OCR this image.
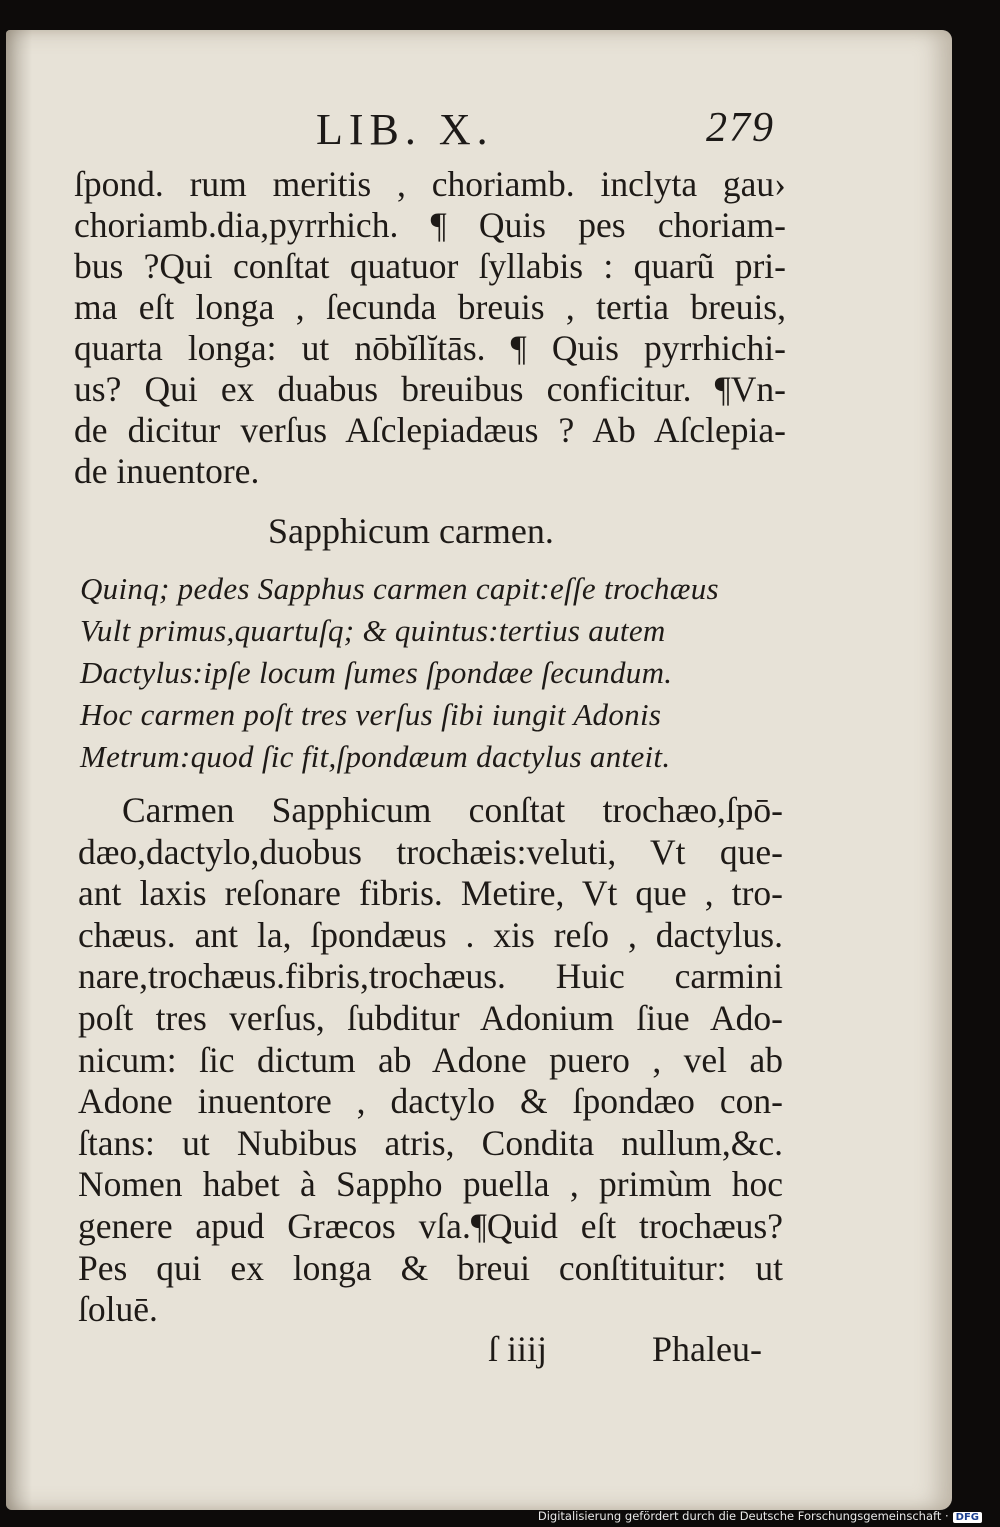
LIB. X.	279
ſpond. rum meritis , choriamb. inclyta gau›
choriamb.dia,pyrrhich. ¶ Quis pes choriam-
bus ?Qui conſtat quatuor ſyllabis : quarũ pri-
ma eſt longa , ſecunda breuis , tertia breuis,
quarta longa: ut nōbĭlĭtās. ¶ Quis pyrrhichi-
us? Qui ex duabus breuibus conficitur. ¶Vn-
de dicitur verſus Aſclepiadæus ? Ab Aſclepia-
de inuentore.
Sapphicum carmen.
Quinq; pedes Sapphus carmen capit:eſſe trochæus
Vult primus,quartuſq; & quintus:tertius autem
Dactylus:ipſe locum ſumes ſpondæe ſecundum.
Hoc carmen poſt tres verſus ſibi iungit Adonis
Metrum:quod ſic fit,ſpondæum dactylus anteit.
Carmen Sapphicum conſtat trochæo,ſpō-
dæo,dactylo,duobus trochæis:veluti, Vt que-
ant laxis reſonare fibris. Metire, Vt que , tro-
chæus. ant la, ſpondæus . xis reſo , dactylus.
nare,trochæus.fibris,trochæus. Huic carmini
poſt tres verſus, ſubditur Adonium ſiue Ado-
nicum: ſic dictum ab Adone puero , vel ab
Adone inuentore , dactylo & ſpondæo con-
ſtans: ut Nubibus atris, Condita nullum,&c.
Nomen habet à Sappho puella , primùm hoc
genere apud Græcos vſa.¶Quid eſt trochæus?
Pes qui ex longa & breui conſtituitur: ut
ſoluē.
ſ iiij	Phaleu-
Digitalisierung gefördert durch die Deutsche Forschungsgemeinschaft · DFG
